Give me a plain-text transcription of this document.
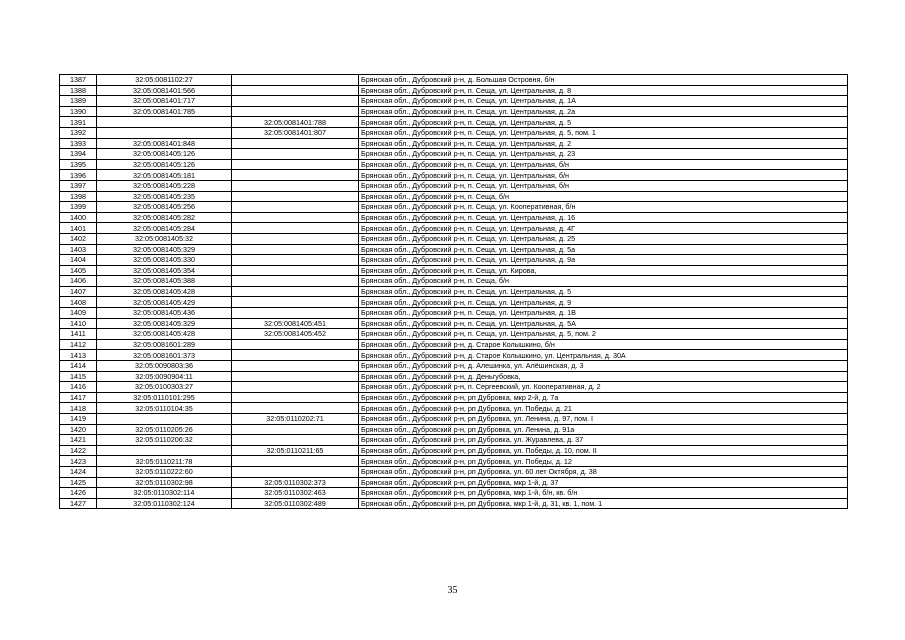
1387	32:05:0081102:27		Брянская обл., Дубровский р-н, д. Большая Островня, б/н
1388	32:05:0081401:566		Брянская обл., Дубровский р-н, п. Сеща, ул. Центральная, д. 8
1389	32:05:0081401:717		Брянская обл., Дубровский р-н, п. Сеща, ул. Центральная, д. 1А
1390	32:05:0081401:785		Брянская обл., Дубровский р-н, п. Сеща, ул. Центральная, д. 2а
1391		32:05:0081401:788	Брянская обл., Дубровский р-н, п. Сеща, ул. Центральная, д. 5
1392		32:05:0081401:807	Брянская обл., Дубровский р-н, п. Сеща, ул. Центральная, д. 5, пом. 1
1393	32:05:0081401:848		Брянская обл., Дубровский р-н, п. Сеща, ул. Центральная, д. 2
1394	32:05:0081405:126		Брянская обл., Дубровский р-н, п. Сеща, ул. Центральная, д. 23
1395	32:05:0081405:126		Брянская обл., Дубровский р-н, п. Сеща, ул. Центральная, б/н
1396	32:05:0081405:181		Брянская обл., Дубровский р-н, п. Сеща, ул. Центральная, б/н
1397	32:05:0081405:228		Брянская обл., Дубровский р-н, п. Сеща, ул. Центральная, б/н
1398	32:05:0081405:235		Брянская обл., Дубровский р-н, п. Сеща, б/н
1399	32:05:0081405:256		Брянская обл., Дубровский р-н, п. Сеща, ул. Кооперативная, б/н
1400	32:05:0081405:282		Брянская обл., Дубровский р-н, п. Сеща, ул. Центральная, д. 16
1401	32:05:0081405:284		Брянская обл., Дубровский р-н, п. Сеща, ул. Центральная, д. 4Г
1402	32:05:0081405:32		Брянская обл., Дубровский р-н, п. Сеща, ул. Центральная, д. 25
1403	32:05:0081405:329		Брянская обл., Дубровский р-н, п. Сеща, ул. Центральная, д. 5а
1404	32:05:0081405:330		Брянская обл., Дубровский р-н, п. Сеща, ул. Центральная, д. 9а
1405	32:05:0081405:354		Брянская обл., Дубровский р-н, п. Сеща, ул. Кирова,
1406	32:05:0081405:388		Брянская обл., Дубровский р-н, п. Сеща, б/н
1407	32:05:0081405:428		Брянская обл., Дубровский р-н, п. Сеща, ул. Центральная, д. 5
1408	32:05:0081405:429		Брянская обл., Дубровский р-н, п. Сеща, ул. Центральная, д. 9
1409	32:05:0081405:436		Брянская обл., Дубровский р-н, п. Сеща, ул. Центральная, д. 1В
1410	32:05:0081405:329	32:05:0081405:451	Брянская обл., Дубровский р-н, п. Сеща, ул. Центральная, д. 5А
1411	32:05:0081405:428	32:05:0081405:452	Брянская обл., Дубровский р-н, п. Сеща, ул. Центральная, д. 5, пом. 2
1412	32:05:0081601:289		Брянская обл., Дубровский р-н, д. Старое Колышкино, б/н
1413	32:05:0081601:373		Брянская обл., Дубровский р-н, д. Старое Колышкино, ул. Центральная, д. 30А
1414	32:05:0090803:36		Брянская обл., Дубровский р-н, д. Алешинка, ул. Алёшинская, д. 3
1415	32:05:0090904:11		Брянская обл., Дубровский р-н, д. Деньгубовка,
1416	32:05:0100303:27		Брянская обл., Дубровский р-н, п. Сергеевский, ул. Кооперативная, д. 2
1417	32:05:0110101:295		Брянская обл., Дубровский р-н, рп Дубровка, мкр 2-й, д. 7а
1418	32:05:0110104:35		Брянская обл., Дубровский р-н, рп Дубровка, ул. Победы, д. 21
1419		32:05:0110202:71	Брянская обл., Дубровский р-н, рп Дубровка, ул. Ленина, д. 97, пом. I
1420	32:05:0110205:26		Брянская обл., Дубровский р-н, рп Дубровка, ул. Ленина, д. 91а
1421	32:05:0110206:32		Брянская обл., Дубровский р-н, рп Дубровка, ул. Журавлева, д. 37
1422		32:05:0110211:65	Брянская обл., Дубровский р-н, рп Дубровка, ул. Победы, д. 10, пом. II
1423	32:05:0110211:78		Брянская обл., Дубровский р-н, рп Дубровка, ул. Победы, д. 12
1424	32:05:0110222:60		Брянская обл., Дубровский р-н, рп Дубровка, ул. 60 лет Октября, д. 38
1425	32:05:0110302:98	32:05:0110302:373	Брянская обл., Дубровский р-н, рп Дубровка, мкр 1-й, д. 37
1426	32:05:0110302:114	32:05:0110302:463	Брянская обл., Дубровский р-н, рп Дубровка, мкр 1-й, б/н, кв. б/н
1427	32:05:0110302:124	32:05:0110302:489	Брянская обл., Дубровский р-н, рп Дубровка, мкр 1-й, д. 31, кв. 1, пом. 1
35
